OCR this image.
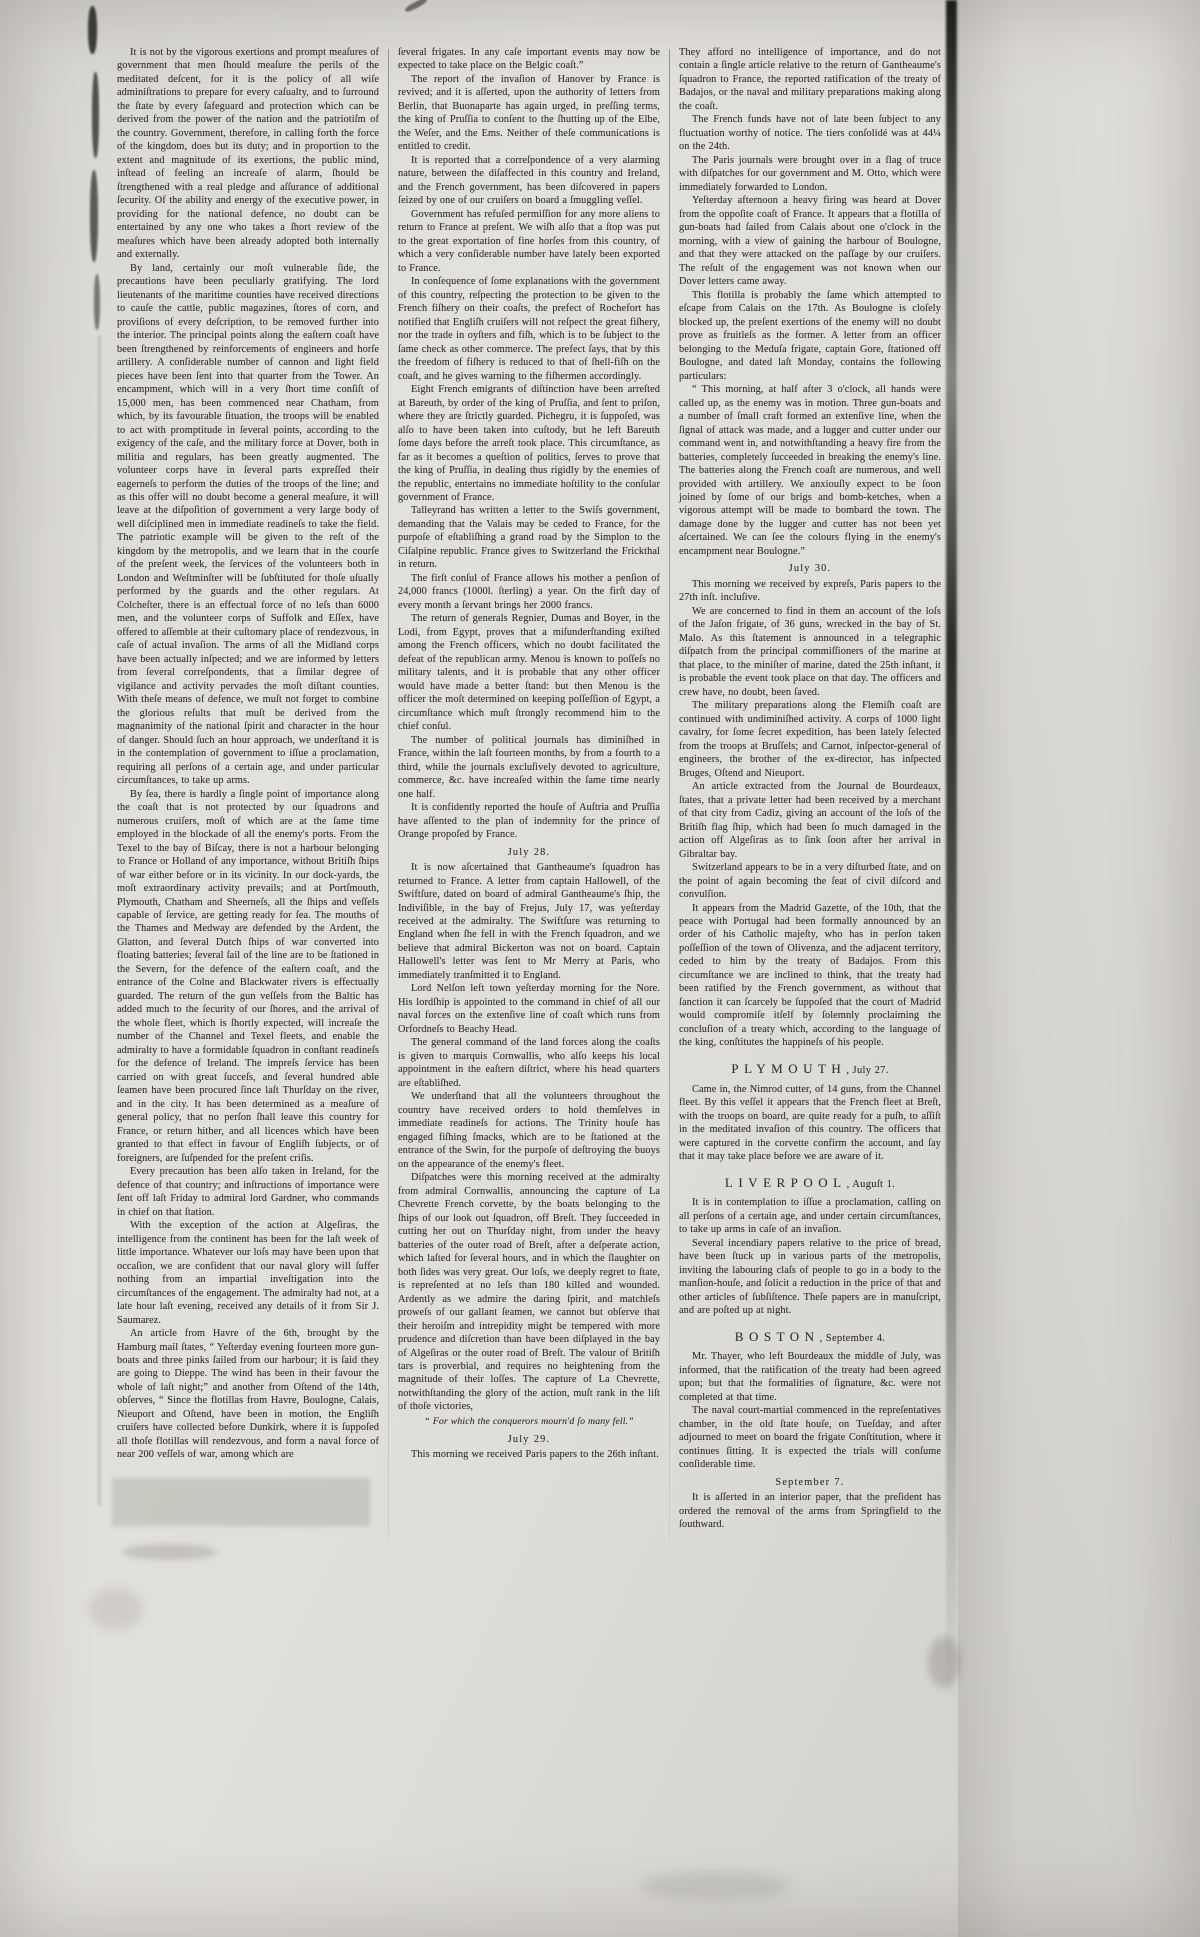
It is not by the vigorous exertions and prompt meaſures of government that men ſhould meaſure the perils of the meditated deſcent, for it is the policy of all wiſe adminiſtrations to prepare for every caſualty, and to ſurround the ſtate by every ſafeguard and protection which can be derived from the power of the nation and the patriotiſm of the country. Government, therefore, in calling forth the force of the kingdom, does but its duty; and in proportion to the extent and magnitude of its exertions, the public mind, inſtead of feeling an increaſe of alarm, ſhould be ſtrengthened with a real pledge and aſſurance of additional ſecurity. Of the ability and energy of the executive power, in providing for the national defence, no doubt can be entertained by any one who takes a ſhort review of the meaſures which have been already adopted both internally and externally.

By land, certainly our moſt vulnerable ſide, the precautions have been peculiarly gratifying. The lord lieutenants of the maritime counties have received directions to cauſe the cattle, public magazines, ſtores of corn, and proviſions of every deſcription, to be removed further into the interior. The principal points along the eaſtern coaſt have been ſtrengthened by reinforcements of engineers and horſe artillery. A conſiderable number of cannon and light field pieces have been ſent into that quarter from the Tower. An encampment, which will in a very ſhort time conſiſt of 15,000 men, has been commenced near Chatham, from which, by its favourable ſituation, the troops will be enabled to act with promptitude in ſeveral points, according to the exigency of the caſe, and the military force at Dover, both in militia and regulars, has been greatly augmented. The volunteer corps have in ſeveral parts expreſſed their eagerneſs to perform the duties of the troops of the line; and as this offer will no doubt become a general meaſure, it will leave at the diſpoſition of government a very large body of well diſciplined men in immediate readineſs to take the field. The patriotic example will be given to the reſt of the kingdom by the metropolis, and we learn that in the courſe of the preſent week, the ſervices of the volunteers both in London and Weſtminſter will be ſubſtituted for thoſe uſually performed by the guards and the other regulars. At Colcheſter, there is an effectual force of no leſs than 6000 men, and the volunteer corps of Suffolk and Eſſex, have offered to aſſemble at their cuſtomary place of rendezvous, in caſe of actual invaſion. The arms of all the Midland corps have been actually inſpected; and we are informed by letters from ſeveral correſpondents, that a ſimilar degree of vigilance and activity pervades the moſt diſtant counties. With theſe means of defence, we muſt not forget to combine the glorious reſults that muſt be derived from the magnanimity of the national ſpirit and character in the hour of danger. Should ſuch an hour approach, we underſtand it is in the contemplation of government to iſſue a proclamation, requiring all perſons of a certain age, and under particular circumſtances, to take up arms.

By ſea, there is hardly a ſingle point of importance along the coaſt that is not protected by our ſquadrons and numerous cruiſers, moſt of which are at the ſame time employed in the blockade of all the enemy's ports. From the Texel to the bay of Biſcay, there is not a harbour belonging to France or Holland of any importance, without Britiſh ſhips of war either before or in its vicinity. In our dock-yards, the moſt extraordinary activity prevails; and at Portſmouth, Plymouth, Chatham and Sheerneſs, all the ſhips and veſſels capable of ſervice, are getting ready for ſea. The mouths of the Thames and Medway are defended by the Ardent, the Glatton, and ſeveral Dutch ſhips of war converted into floating batteries; ſeveral ſail of the line are to be ſtationed in the Severn, for the defence of the eaſtern coaſt, and the entrance of the Colne and Blackwater rivers is effectually guarded. The return of the gun veſſels from the Baltic has added much to the ſecurity of our ſhores, and the arrival of the whole fleet, which is ſhortly expected, will increaſe the number of the Channel and Texel fleets, and enable the admiralty to have a formidable ſquadron in conſtant readineſs for the defence of Ireland. The impreſs ſervice has been carried on with great ſucceſs, and ſeveral hundred able ſeamen have been procured ſince laſt Thurſday on the river, and in the city. It has been determined as a meaſure of general policy, that no perſon ſhall leave this country for France, or return hither, and all licences which have been granted to that effect in favour of Engliſh ſubjects, or of foreigners, are ſuſpended for the preſent criſis.

Every precaution has been alſo taken in Ireland, for the defence of that country; and inſtructions of importance were ſent off laſt Friday to admiral lord Gardner, who commands in chief on that ſtation.

With the exception of the action at Algeſiras, the intelligence from the continent has been for the laſt week of little importance. Whatever our loſs may have been upon that occaſion, we are confident that our naval glory will ſuffer nothing from an impartial inveſtigation into the circumſtances of the engagement. The admiralty had not, at a late hour laſt evening, received any details of it from Sir J. Saumarez.

An article from Havre of the 6th, brought by the Hamburg mail ſtates, “ Yeſterday evening fourteen more gun-boats and three pinks ſailed from our harbour; it is ſaid they are going to Dieppe. The wind has been in their favour the whole of laſt night;” and another from Oſtend of the 14th, obſerves, “ Since the flotillas from Havre, Boulogne, Calais, Nieuport and Oſtend, have been in motion, the Engliſh cruiſers have collected before Dunkirk, where it is ſuppoſed all thoſe flotillas will rendezvous, and form a naval force of near 200 veſſels of war, among which are

ſeveral frigates. In any caſe important events may now be expected to take place on the Belgic coaſt.”

The report of the invaſion of Hanover by France is revived; and it is aſſerted, upon the authority of letters from Berlin, that Buonaparte has again urged, in preſſing terms, the king of Pruſſia to conſent to the ſhutting up of the Elbe, the Weſer, and the Ems. Neither of theſe communications is entitled to credit.

It is reported that a correſpondence of a very alarming nature, between the diſaffected in this country and Ireland, and the French government, has been diſcovered in papers ſeized by one of our cruiſers on board a ſmuggling veſſel.

Government has refuſed permiſſion for any more aliens to return to France at preſent. We wiſh alſo that a ſtop was put to the great exportation of fine horſes from this country, of which a very conſiderable number have lately been exported to France.

In conſequence of ſome explanations with the government of this country, reſpecting the protection to be given to the French fiſhery on their coaſts, the prefect of Rochefort has notified that Engliſh cruiſers will not reſpect the great fiſhery, nor the trade in oyſters and fiſh, which is to be ſubject to the ſame check as other commerce. The prefect ſays, that by this the freedom of fiſhery is reduced to that of ſhell-fiſh on the coaſt, and he gives warning to the fiſhermen accordingly.

Eight French emigrants of diſtinction have been arreſted at Bareuth, by order of the king of Pruſſia, and ſent to priſon, where they are ſtrictly guarded. Pichegru, it is ſuppoſed, was alſo to have been taken into cuſtody, but he left Bareuth ſome days before the arreſt took place. This circumſtance, as far as it becomes a queſtion of politics, ſerves to prove that the king of Pruſſia, in dealing thus rigidly by the enemies of the republic, entertains no immediate hoſtility to the conſular government of France.

Talleyrand has written a letter to the Swiſs government, demanding that the Valais may be ceded to France, for the purpoſe of eſtabliſhing a grand road by the Simplon to the Ciſalpine republic. France gives to Switzerland the Frickthal in return.

The firſt conſul of France allows his mother a penſion of 24,000 francs (1000l. ſterling) a year. On the firſt day of every month a ſervant brings her 2000 francs.

The return of generals Regnier, Dumas and Boyer, in the Lodi, from Egypt, proves that a miſunderſtanding exiſted among the French officers, which no doubt facilitated the defeat of the republican army. Menou is known to poſſeſs no military talents, and it is probable that any other officer would have made a better ſtand: but then Menou is the officer the moſt determined on keeping poſſeſſion of Egypt, a circumſtance which muſt ſtrongly recommend him to the chief conſul.

The number of political journals has diminiſhed in France, within the laſt fourteen months, by from a fourth to a third, while the journals excluſively devoted to agriculture, commerce, &c. have increaſed within the ſame time nearly one half.

It is confidently reported the houſe of Auſtria and Pruſſia have aſſented to the plan of indemnity for the prince of Orange propoſed by France.

July 28.

It is now aſcertained that Gantheaume's ſquadron has returned to France. A letter from captain Hallowell, of the Swiftſure, dated on board of admiral Gantheaume's ſhip, the Indiviſible, in the bay of Frejus, July 17, was yeſterday received at the admiralty. The Swiftſure was returning to England when ſhe fell in with the French ſquadron, and we believe that admiral Bickerton was not on board. Captain Hallowell's letter was ſent to Mr Merry at Paris, who immediately tranſmitted it to England.

Lord Nelſon left town yeſterday morning for the Nore. His lordſhip is appointed to the command in chief of all our naval forces on the extenſive line of coaſt which runs from Orfordneſs to Beachy Head.

The general command of the land forces along the coaſts is given to marquis Cornwallis, who alſo keeps his local appointment in the eaſtern diſtrict, where his head quarters are eſtabliſhed.

We underſtand that all the volunteers throughout the country have received orders to hold themſelves in immediate readineſs for actions. The Trinity houſe has engaged fiſhing ſmacks, which are to be ſtationed at the entrance of the Swin, for the purpoſe of deſtroying the buoys on the appearance of the enemy's fleet.

Diſpatches were this morning received at the admiralty from admiral Cornwallis, announcing the capture of La Chevrette French corvette, by the boats belonging to the ſhips of our look out ſquadron, off Breſt. They ſucceeded in cutting her out on Thurſday night, from under the heavy batteries of the outer road of Breſt, after a deſperate action, which laſted for ſeveral hours, and in which the ſlaughter on both ſides was very great. Our loſs, we deeply regret to ſtate, is repreſented at no leſs than 180 killed and wounded. Ardently as we admire the daring ſpirit, and matchleſs proweſs of our gallant ſeamen, we cannot but obſerve that their heroiſm and intrepidity might be tempered with more prudence and diſcretion than have been diſplayed in the bay of Algeſiras or the outer road of Breſt. The valour of Britiſh tars is proverbial, and requires no heightening from the magnitude of their loſſes. The capture of La Chevrette, notwithſtanding the glory of the action, muſt rank in the liſt of thoſe victories,

“ For which the conquerors mourn'd ſo many fell.”
July 29.

This morning we received Paris papers to the 26th inſtant.

They afford no intelligence of importance, and do not contain a ſingle article relative to the return of Gantheaume's ſquadron to France, the reported ratification of the treaty of Badajos, or the naval and military preparations making along the coaſt.

The French funds have not of late been ſubject to any fluctuation worthy of notice. The tiers conſolidé was at 44¼ on the 24th.

The Paris journals were brought over in a flag of truce with diſpatches for our government and M. Otto, which were immediately forwarded to London.

Yeſterday afternoon a heavy firing was heard at Dover from the oppoſite coaſt of France. It appears that a flotilla of gun-boats had ſailed from Calais about one o'clock in the morning, with a view of gaining the harbour of Boulogne, and that they were attacked on the paſſage by our cruiſers. The reſult of the engagement was not known when our Dover letters came away.

This flotilla is probably the ſame which attempted to eſcape from Calais on the 17th. As Boulogne is cloſely blocked up, the preſent exertions of the enemy will no doubt prove as fruitleſs as the former. A letter from an officer belonging to the Meduſa frigate, captain Gore, ſtationed off Boulogne, and dated laſt Monday, contains the following particulars:

“ This morning, at half after 3 o'clock, all hands were called up, as the enemy was in motion. Three gun-boats and a number of ſmall craft formed an extenſive line, when the ſignal of attack was made, and a lugger and cutter under our command went in, and notwithſtanding a heavy fire from the batteries, completely ſucceeded in breaking the enemy's line. The batteries along the French coaſt are numerous, and well provided with artillery. We anxiouſly expect to be ſoon joined by ſome of our brigs and bomb-ketches, when a vigorous attempt will be made to bombard the town. The damage done by the lugger and cutter has not been yet aſcertained. We can ſee the colours flying in the enemy's encampment near Boulogne.”

July 30.

This morning we received by expreſs, Paris papers to the 27th inſt. incluſive.

We are concerned to find in them an account of the loſs of the Jaſon frigate, of 36 guns, wrecked in the bay of St. Malo. As this ſtatement is announced in a telegraphic diſpatch from the principal commiſſioners of the marine at that place, to the miniſter of marine, dated the 25th inſtant, it is probable the event took place on that day. The officers and crew have, no doubt, been ſaved.

The military preparations along the Flemiſh coaſt are continued with undiminiſhed activity. A corps of 1000 light cavalry, for ſome ſecret expedition, has been lately ſelected from the troops at Bruſſels; and Carnot, inſpector-general of engineers, the brother of the ex-director, has inſpected Bruges, Oſtend and Nieuport.

An article extracted from the Journal de Bourdeaux, ſtates, that a private letter had been received by a merchant of that city from Cadiz, giving an account of the loſs of the Britiſh flag ſhip, which had been ſo much damaged in the action off Algeſiras as to ſink ſoon after her arrival in Gibraltar bay.

Switzerland appears to be in a very diſturbed ſtate, and on the point of again becoming the ſeat of civil diſcord and convulſion.

It appears from the Madrid Gazette, of the 10th, that the peace with Portugal had been formally announced by an order of his Catholic majeſty, who has in perſon taken poſſeſſion of the town of Olivenza, and the adjacent territory, ceded to him by the treaty of Badajos. From this circumſtance we are inclined to think, that the treaty had been ratified by the French government, as without that ſanction it can ſcarcely be ſuppoſed that the court of Madrid would compromiſe itſelf by ſolemnly proclaiming the concluſion of a treaty which, according to the language of the king, conſtitutes the happineſs of his people.

PLYMOUTH, July 27.

Came in, the Nimrod cutter, of 14 guns, from the Channel fleet. By this veſſel it appears that the French fleet at Breſt, with the troops on board, are quite ready for a puſh, to aſſiſt in the meditated invaſion of this country. The officers that were captured in the corvette confirm the account, and ſay that it may take place before we are aware of it.

LIVERPOOL, Auguſt 1.

It is in contemplation to iſſue a proclamation, calling on all perſons of a certain age, and under certain circumſtances, to take up arms in caſe of an invaſion.

Several incendiary papers relative to the price of bread, have been ſtuck up in various parts of the metropolis, inviting the labouring claſs of people to go in a body to the manſion-houſe, and ſolicit a reduction in the price of that and other articles of ſubſiſtence. Theſe papers are in manuſcript, and are poſted up at night.

BOSTON, September 4.

Mr. Thayer, who left Bourdeaux the middle of July, was informed, that the ratification of the treaty had been agreed upon; but that the formalities of ſignature, &c. were not completed at that time.

The naval court-martial commenced in the repreſentatives chamber, in the old ſtate houſe, on Tueſday, and after adjourned to meet on board the frigate Conſtitution, where it continues ſitting. It is expected the trials will conſume conſiderable time.

September 7.

It is aſſerted in an interior paper, that the preſident has ordered the removal of the arms from Springfield to the ſouthward.
